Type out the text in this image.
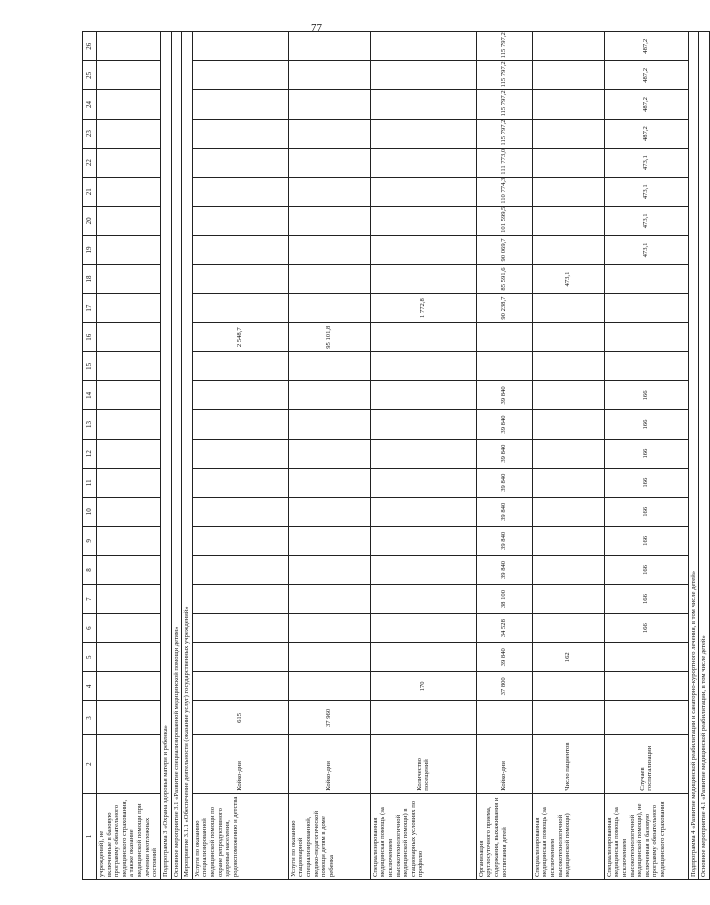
77
1	2	3	4	5	6	7	8	9	10	11	12	13	14	15	16	17	18	19	20	21	22	23	24	25	26
учреждений), не включенные в базовую программу обязательного медицинского страхования, а также оказание медицинской помощи при лечении неотложных состояний																									
Подпрограмма 3 «Охрана здоровья матери и ребенка»																									
Основное мероприятие 3.1 «Развитие специализированной медицинской помощи детям»																									
Мероприятие 3.1.1 «Обеспечение деятельности (оказание услуг) государственных учреждений»																									
Услуги по оказанию специализированной медицинской помощи по охране репродуктивного здоровья населения, родовспоможению и детства	Койко-дни	615													2 548,7										
Услуги по оказанию стационарной специализированной, медико-педагогической помощи детям в доме ребенка	Койко-дни	37 960													95 101,8										
Специализированная медицинская помощь (за исключением высокотехнологичной медицинской помощи) в стационарных условиях по профилю	Количество посещений		170													1 772,8									
Организация круглосуточного приема, содержания, выхаживания и воспитания детей	Койко-дни		37 800	39 840	34 528	38 100	39 840	39 840	39 840	39 840	39 840	39 840	39 840			90 238,7	85 591,6	90 069,7	101 599,5	110 774,3	111 773,0	115 797,2	115 797,2	115 797,2	115 797,2
Специализированная медицинская помощь (за исключением высокотехнологичной медицинской помощи)	Число пациентов			162													473,1								
Специализированная медицинская помощь (за исключением высокотехнологичной медицинской помощи), не включенная в базовую программу обязательного медицинского страхования	Случаев госпитализации				166	166	166	166	166	166	166	166	166					473,1	473,1	473,1	473,1	487,2	487,2	487,2	487,2
Подпрограмма 4 «Развитие медицинской реабилитации и санаторно-курортного лечения, в том числе детей»																									
Основное мероприятие 4.1 «Развитие медицинской реабилитации, в том числе детей»																									
